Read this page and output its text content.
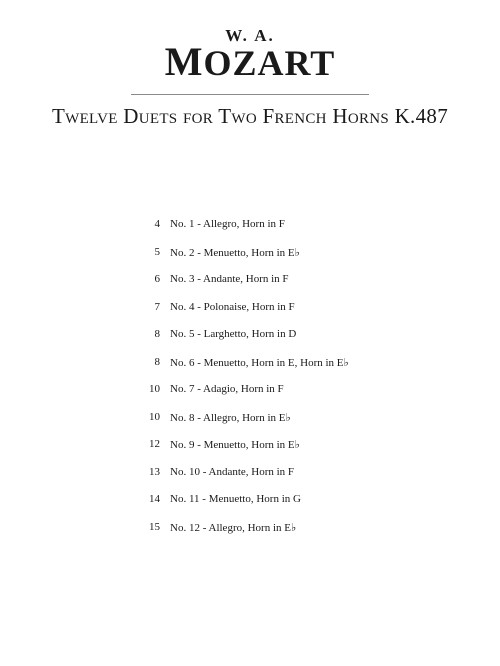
W. A.
MOZART
Twelve Duets for Two French Horns K.487
4 No. 1 - Allegro, Horn in F
5 No. 2 - Menuetto, Horn in E♭
6 No. 3 - Andante, Horn in F
7 No. 4 - Polonaise, Horn in F
8 No. 5 - Larghetto, Horn in D
8 No. 6 - Menuetto, Horn in E, Horn in E♭
10 No. 7 - Adagio, Horn in F
10 No. 8 - Allegro, Horn in E♭
12 No. 9 - Menuetto, Horn in E♭
13 No. 10 - Andante, Horn in F
14 No. 11 - Menuetto, Horn in G
15 No. 12 - Allegro, Horn in E♭
